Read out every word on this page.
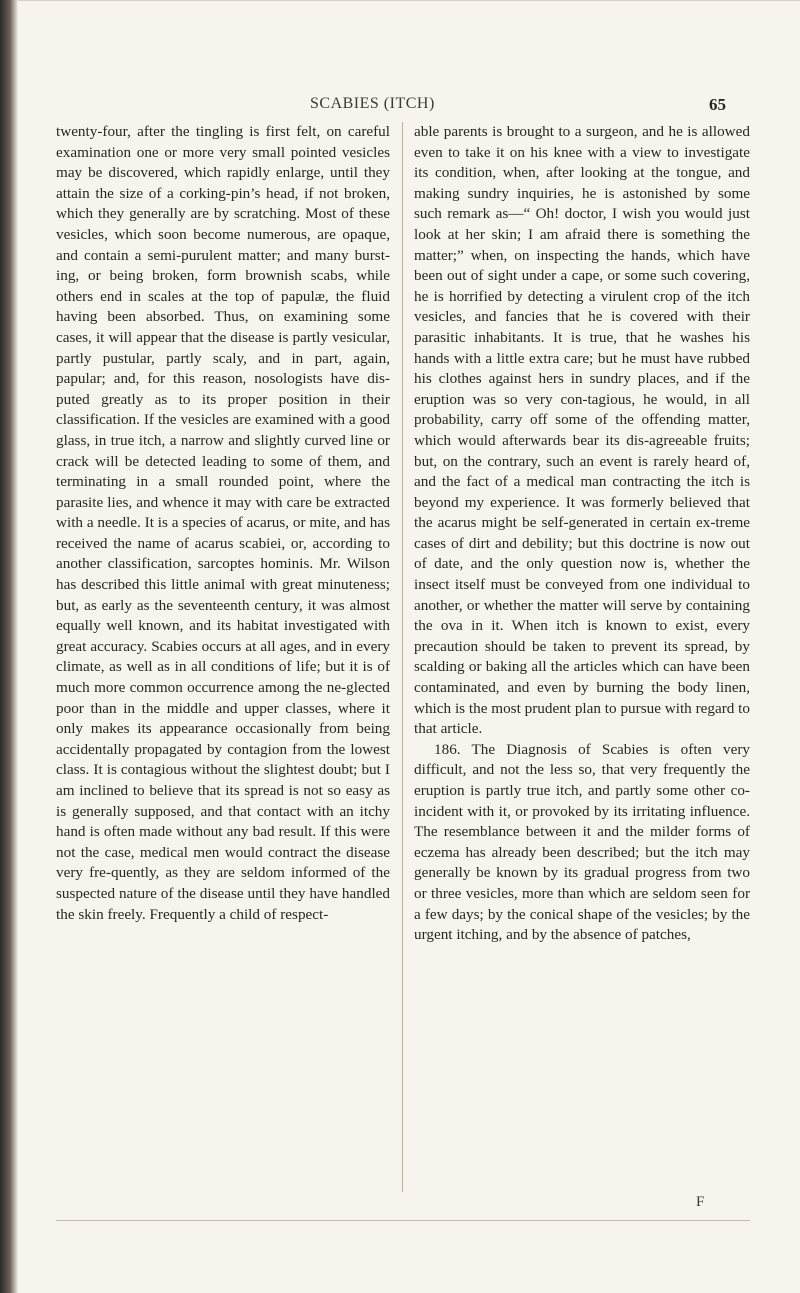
SCABIES (ITCH)	65

twenty-four, after the tingling is first felt, on careful examination one or more very small pointed vesicles may be discovered, which rapidly enlarge, until they attain the size of a corking-pin’s head, if not broken, which they generally are by scratching. Most of these vesicles, which soon become numerous, are opaque, and contain a semi-purulent matter; and many burst-ing, or being broken, form brownish scabs, while others end in scales at the top of papulæ, the fluid having been absorbed. Thus, on examining some cases, it will appear that the disease is partly vesicular, partly pustular, partly scaly, and in part, again, papular; and, for this reason, nosologists have dis-puted greatly as to its proper position in their classification. If the vesicles are examined with a good glass, in true itch, a narrow and slightly curved line or crack will be detected leading to some of them, and terminating in a small rounded point, where the parasite lies, and whence it may with care be extracted with a needle. It is a species of acarus, or mite, and has received the name of acarus scabiei, or, according to another classification, sarcoptes hominis. Mr. Wilson has described this little animal with great minuteness; but, as early as the seventeenth century, it was almost equally well known, and its habitat investigated with great accuracy. Scabies occurs at all ages, and in every climate, as well as in all conditions of life; but it is of much more common occurrence among the ne-glected poor than in the middle and upper classes, where it only makes its appearance occasionally from being accidentally propagated by contagion from the lowest class. It is contagious without the slightest doubt; but I am inclined to believe that its spread is not so easy as is generally supposed, and that contact with an itchy hand is often made without any bad result. If this were not the case, medical men would contract the disease very fre-quently, as they are seldom informed of the suspected nature of the disease until they have handled the skin freely. Frequently a child of respect-

able parents is brought to a surgeon, and he is allowed even to take it on his knee with a view to investigate its condition, when, after looking at the tongue, and making sundry inquiries, he is astonished by some such remark as—“ Oh! doctor, I wish you would just look at her skin; I am afraid there is something the matter;” when, on inspecting the hands, which have been out of sight under a cape, or some such covering, he is horrified by detecting a virulent crop of the itch vesicles, and fancies that he is covered with their parasitic inhabitants. It is true, that he washes his hands with a little extra care; but he must have rubbed his clothes against hers in sundry places, and if the eruption was so very con-tagious, he would, in all probability, carry off some of the offending matter, which would afterwards bear its dis-agreeable fruits; but, on the contrary, such an event is rarely heard of, and the fact of a medical man contracting the itch is beyond my experience. It was formerly believed that the acarus might be self-generated in certain ex-treme cases of dirt and debility; but this doctrine is now out of date, and the only question now is, whether the insect itself must be conveyed from one individual to another, or whether the matter will serve by containing the ova in it. When itch is known to exist, every precaution should be taken to prevent its spread, by scalding or baking all the articles which can have been contaminated, and even by burning the body linen, which is the most prudent plan to pursue with regard to that article.

186. The Diagnosis of Scabies is often very difficult, and not the less so, that very frequently the eruption is partly true itch, and partly some other co-incident with it, or provoked by its irritating influence. The resemblance between it and the milder forms of eczema has already been described; but the itch may generally be known by its gradual progress from two or three vesicles, more than which are seldom seen for a few days; by the conical shape of the vesicles; by the urgent itching, and by the absence of patches,

F
